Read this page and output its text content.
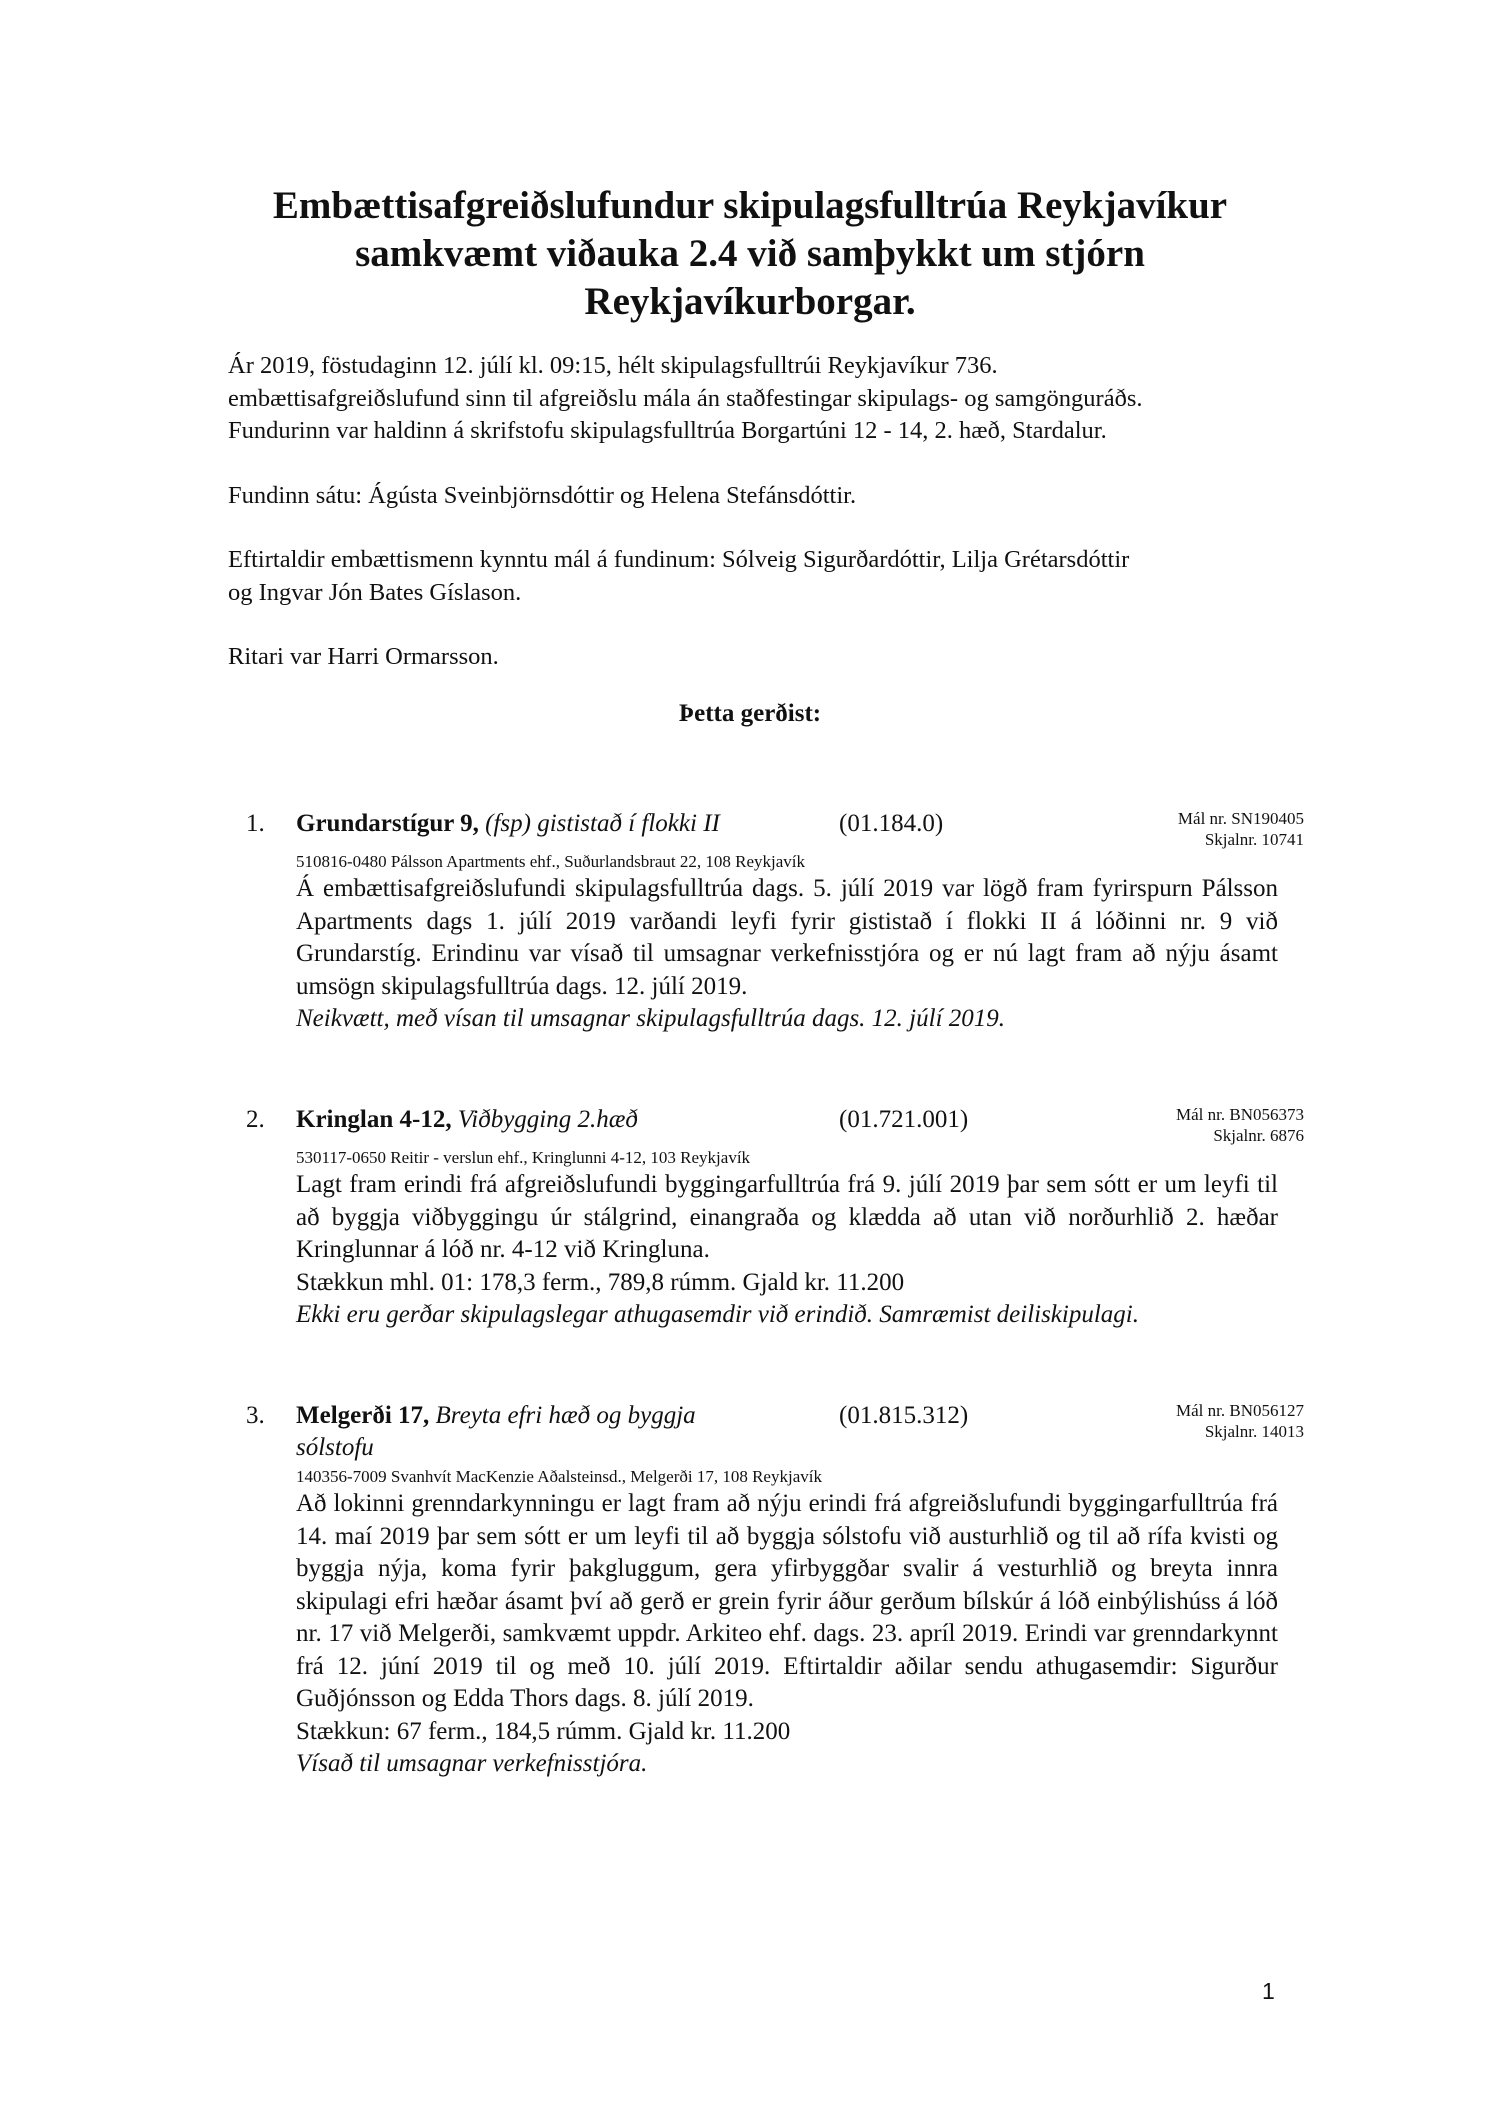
Embættisafgreiðslufundur skipulagsfulltrúa Reykjavíkur
samkvæmt viðauka 2.4 við samþykkt um stjórn
Reykjavíkurborgar.

Ár 2019, föstudaginn 12. júlí kl. 09:15, hélt skipulagsfulltrúi Reykjavíkur 736.
embættisafgreiðslufund sinn til afgreiðslu mála án staðfestingar skipulags- og samgönguráðs.
Fundurinn var haldinn á skrifstofu skipulagsfulltrúa Borgartúni 12 - 14, 2. hæð, Stardalur.

Fundinn sátu: Ágústa Sveinbjörnsdóttir og Helena Stefánsdóttir.

Eftirtaldir embættismenn kynntu mál á fundinum: Sólveig Sigurðardóttir, Lilja Grétarsdóttir
og Ingvar Jón Bates Gíslason.

Ritari var Harri Ormarsson.

Þetta gerðist:
1. Grundarstígur 9, (fsp) gististað í flokki II	(01.184.0)	Mál nr. SN190405
Skjalnr. 10741
510816-0480 Pálsson Apartments ehf., Suðurlandsbraut 22, 108 Reykjavík

Á embættisafgreiðslufundi skipulagsfulltrúa dags. 5. júlí 2019 var lögð fram fyrirspurn Pálsson Apartments dags 1. júlí 2019 varðandi leyfi fyrir gististað í flokki II á lóðinni nr. 9 við Grundarstíg. Erindinu var vísað til umsagnar verkefnisstjóra og er nú lagt fram að nýju ásamt umsögn skipulagsfulltrúa dags. 12. júlí 2019.

Neikvætt, með vísan til umsagnar skipulagsfulltrúa dags. 12. júlí 2019.

2. Kringlan 4-12, Viðbygging 2.hæð	(01.721.001)	Mál nr. BN056373
Skjalnr. 6876
530117-0650 Reitir - verslun ehf., Kringlunni 4-12, 103 Reykjavík

Lagt fram erindi frá afgreiðslufundi byggingarfulltrúa frá 9. júlí 2019 þar sem sótt er um leyfi til að byggja viðbyggingu úr stálgrind, einangraða og klædda að utan við norðurhlið 2. hæðar Kringlunnar á lóð nr. 4-12 við Kringluna.

Stækkun mhl. 01: 178,3 ferm., 789,8 rúmm. Gjald kr. 11.200

Ekki eru gerðar skipulagslegar athugasemdir við erindið. Samræmist deiliskipulagi.

3. Melgerði 17, Breyta efri hæð og byggja sólstofu
(01.815.312)	Mál nr. BN056127
Skjalnr. 14013
140356-7009 Svanhvít MacKenzie Aðalsteinsd., Melgerði 17, 108 Reykjavík

Að lokinni grenndarkynningu er lagt fram að nýju erindi frá afgreiðslufundi byggingarfulltrúa frá 14. maí 2019 þar sem sótt er um leyfi til að byggja sólstofu við austurhlið og til að rífa kvisti og byggja nýja, koma fyrir þakgluggum, gera yfirbyggðar svalir á vesturhlið og breyta innra skipulagi efri hæðar ásamt því að gerð er grein fyrir áður gerðum bílskúr á lóð einbýlishúss á lóð nr. 17 við Melgerði, samkvæmt uppdr. Arkiteo ehf. dags. 23. apríl 2019. Erindi var grenndarkynnt frá 12. júní 2019 til og með 10. júlí 2019. Eftirtaldir aðilar sendu athugasemdir: Sigurður Guðjónsson og Edda Thors dags. 8. júlí 2019.

Stækkun: 67 ferm., 184,5 rúmm. Gjald kr. 11.200

Vísað til umsagnar verkefnisstjóra.

1
